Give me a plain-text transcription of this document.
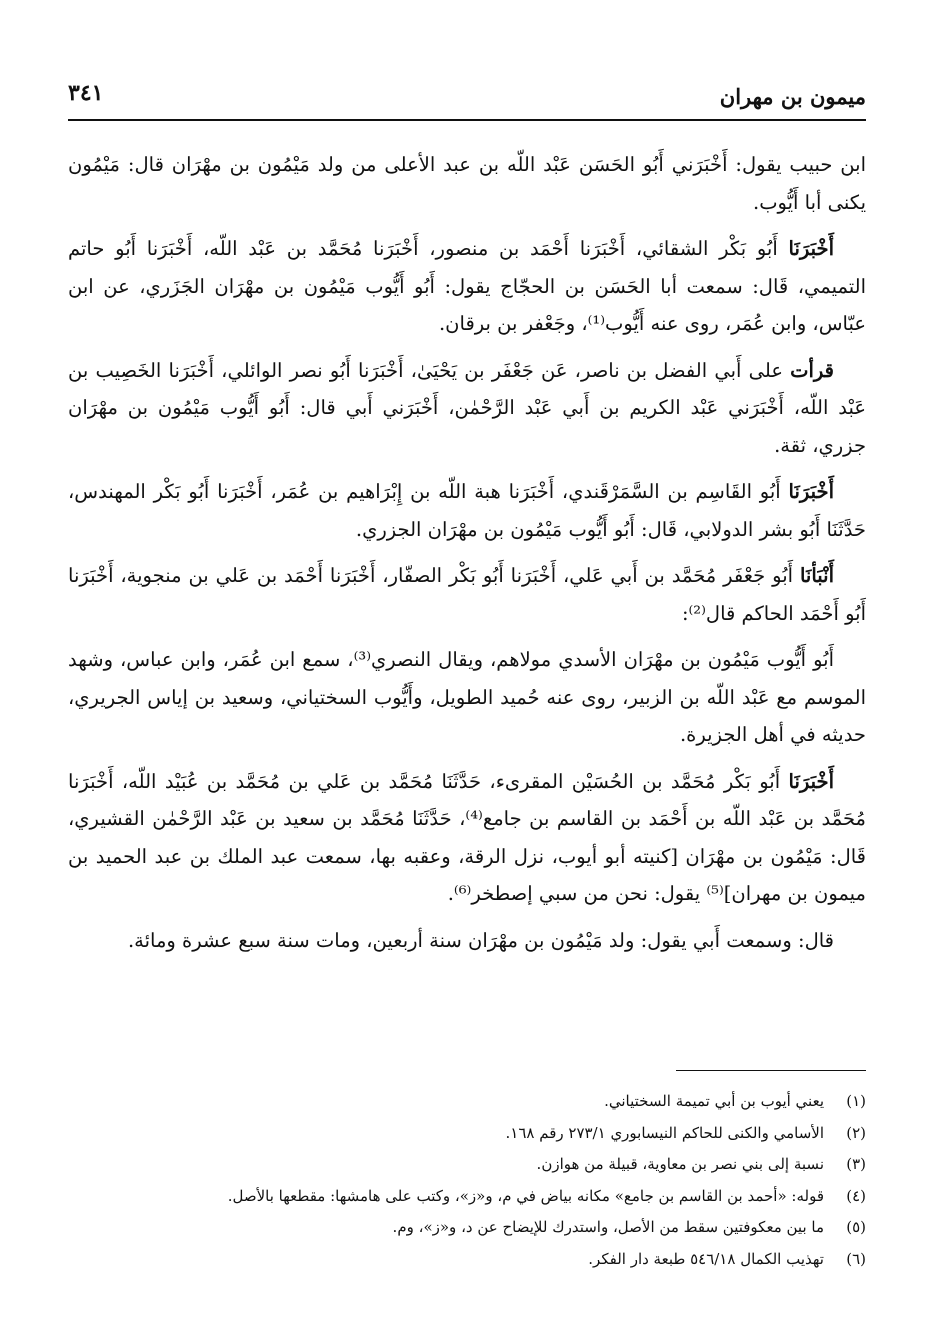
ميمون بن مهران
٣٤١

ابن حبيب يقول: أَخْبَرَني أَبُو الحَسَن عَبْد اللّه بن عبد الأعلى من ولد مَيْمُون بن مهْرَان قال: مَيْمُون يكنى أبا أَيُّوب.

أَخْبَرَنَا أَبُو بَكْر الشقائي، أَخْبَرَنا أَحْمَد بن منصور، أَخْبَرَنا مُحَمَّد بن عَبْد اللّه، أَخْبَرَنا أَبُو حاتم التميمي، قَال: سمعت أبا الحَسَن بن الحجّاج يقول: أَبُو أَيُّوب مَيْمُون بن مهْرَان الجَزَري، عن ابن عبّاس، وابن عُمَر، روى عنه أَيُّوب⁽¹⁾، وجَعْفر بن برقان.

قرأت على أَبي الفضل بن ناصر، عَن جَعْفَر بن يَحْيَىٰ، أَخْبَرَنا أَبُو نصر الوائلي، أَخْبَرَنا الخَصِيب بن عَبْد اللّه، أَخْبَرَني عَبْد الكريم بن أَبي عَبْد الرَّحْمٰن، أَخْبَرَني أَبي قال: أَبُو أَيُّوب مَيْمُون بن مهْرَان جزري، ثقة.

أَخْبَرَنَا أَبُو القَاسِم بن السَّمَرْقَندي، أَخْبَرَنا هبة اللّه بن إِبْرَاهيم بن عُمَر، أَخْبَرَنا أَبُو بَكْر المهندس، حَدَّثَنَا أَبُو بشر الدولابي، قَال: أَبُو أَيُّوب مَيْمُون بن مهْرَان الجزري.

أَنْبَأنَا أَبُو جَعْفَر مُحَمَّد بن أَبي عَلي، أَخْبَرَنا أَبُو بَكْر الصفّار، أَخْبَرَنا أَحْمَد بن عَلي بن منجوية، أَخْبَرَنا أَبُو أَحْمَد الحاكم قال⁽²⁾:

أَبُو أَيُّوب مَيْمُون بن مهْرَان الأسدي مولاهم، ويقال النصري⁽³⁾، سمع ابن عُمَر، وابن عباس، وشهد الموسم مع عَبْد اللّه بن الزبير، روى عنه حُميد الطويل، وأَيُّوب السختياني، وسعيد بن إياس الجريري، حديثه في أهل الجزيرة.

أَخْبَرَنَا أَبُو بَكْر مُحَمَّد بن الحُسَيْن المقرىء، حَدَّثَنَا مُحَمَّد بن عَلي بن مُحَمَّد بن عُبَيْد اللّه، أَخْبَرَنا مُحَمَّد بن عَبْد اللّه بن أَحْمَد بن القاسم بن جامع⁽⁴⁾، حَدَّثَنَا مُحَمَّد بن سعيد بن عَبْد الرَّحْمٰن القشيري، قَال: مَيْمُون بن مهْرَان [كنيته أبو أيوب، نزل الرقة، وعقبه بها، سمعت عبد الملك بن عبد الحميد بن ميمون بن مهران]⁽⁵⁾ يقول: نحن من سبي إصطخر⁽⁶⁾.

قال: وسمعت أَبي يقول: ولد مَيْمُون بن مهْرَان سنة أربعين، ومات سنة سبع عشرة ومائة.

(١)يعني أيوب بن أبي تميمة السختياني.
(٢)الأسامي والكنى للحاكم النيسابوري ٢٧٣/١ رقم ١٦٨.
(٣)نسبة إلى بني نصر بن معاوية، قبيلة من هوازن.
(٤)قوله: «أحمد بن القاسم بن جامع» مكانه بياض في م، و«ز»، وكتب على هامشها: مقطعها بالأصل.
(٥)ما بين معكوفتين سقط من الأصل، واستدرك للإيضاح عن د، و«ز»، وم.
(٦)تهذيب الكمال ٥٤٦/١٨ طبعة دار الفكر.
